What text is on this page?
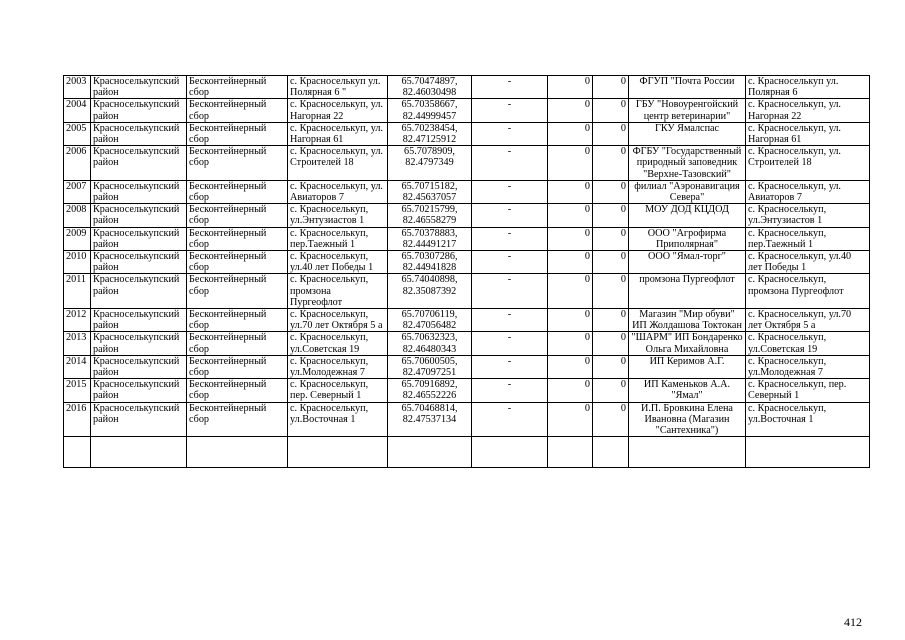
2003	Красноселькупский район	Бесконтейнерный сбор	с. Красноселькуп ул. Полярная 6 "	65.70474897, 82.46030498	-	0	0	ФГУП "Почта России	с. Красноселькуп ул. Полярная 6
2004	Красноселькупский район	Бесконтейнерный сбор	с. Красноселькуп, ул. Нагорная 22	65.70358667, 82.44999457	-	0	0	ГБУ "Новоуренгойский центр ветеринарии"	с. Красноселькуп, ул. Нагорная 22
2005	Красноселькупский район	Бесконтейнерный сбор	с. Красноселькуп, ул. Нагорная 61	65.70238454, 82.47125912	-	0	0	ГКУ Ямалспас	с. Красноселькуп, ул. Нагорная 61
2006	Красноселькупский район	Бесконтейнерный сбор	с. Красноселькуп, ул. Строителей 18	65.7078909, 82.4797349	-	0	0	ФГБУ "Государственный природный заповедник "Верхне-Тазовский"	с. Красноселькуп, ул. Строителей 18
2007	Красноселькупский район	Бесконтейнерный сбор	с. Красноселькуп, ул. Авиаторов 7	65.70715182, 82.45637057	-	0	0	филиал "Аэронавигация Севера"	с. Красноселькуп, ул. Авиаторов 7
2008	Красноселькупский район	Бесконтейнерный сбор	с. Красноселькуп, ул.Энтузиастов 1	65.70215799, 82.46558279	-	0	0	МОУ ДОД КЦДОД	с. Красноселькуп, ул.Энтузиастов 1
2009	Красноселькупский район	Бесконтейнерный сбор	с. Красноселькуп, пер.Таежный 1	65.70378883, 82.44491217	-	0	0	ООО "Агрофирма Приполярная"	с. Красноселькуп, пер.Таежный 1
2010	Красноселькупский район	Бесконтейнерный сбор	с. Красноселькуп, ул.40 лет Победы 1	65.70307286, 82.44941828	-	0	0	ООО "Ямал-торг"	с. Красноселькуп, ул.40 лет Победы 1
2011	Красноселькупский район	Бесконтейнерный сбор	с. Красноселькуп, промзона Пургеофлот	65.74040898, 82.35087392	-	0	0	промзона Пургеофлот	с. Красноселькуп, промзона Пургеофлот
2012	Красноселькупский район	Бесконтейнерный сбор	с. Красноселькуп, ул.70 лет Октября 5 а	65.70706119, 82.47056482	-	0	0	Магазин "Мир обуви" ИП Жолдашова Токтокан	с. Красноселькуп, ул.70 лет Октября 5 а
2013	Красноселькупский район	Бесконтейнерный сбор	с. Красноселькуп, ул.Советская 19	65.70632323, 82.46480343	-	0	0	"ШАРМ" ИП Бондаренко Ольга Михайловна	с. Красноселькуп, ул.Советская 19
2014	Красноселькупский район	Бесконтейнерный сбор	с. Красноселькуп, ул.Молодежная 7	65.70600505, 82.47097251	-	0	0	ИП Керимов А.Г.	с. Красноселькуп, ул.Молодежная 7
2015	Красноселькупский район	Бесконтейнерный сбор	с. Красноселькуп, пер. Северный 1	65.70916892, 82.46552226	-	0	0	ИП Каменьков А.А. "Ямал"	с. Красноселькуп, пер. Северный 1
2016	Красноселькупский район	Бесконтейнерный сбор	с. Красноселькуп, ул.Восточная 1	65.70468814, 82.47537134	-	0	0	И.П. Бровкина Елена Ивановна (Магазин "Сантехника")	с. Красноселькуп, ул.Восточная 1

412
